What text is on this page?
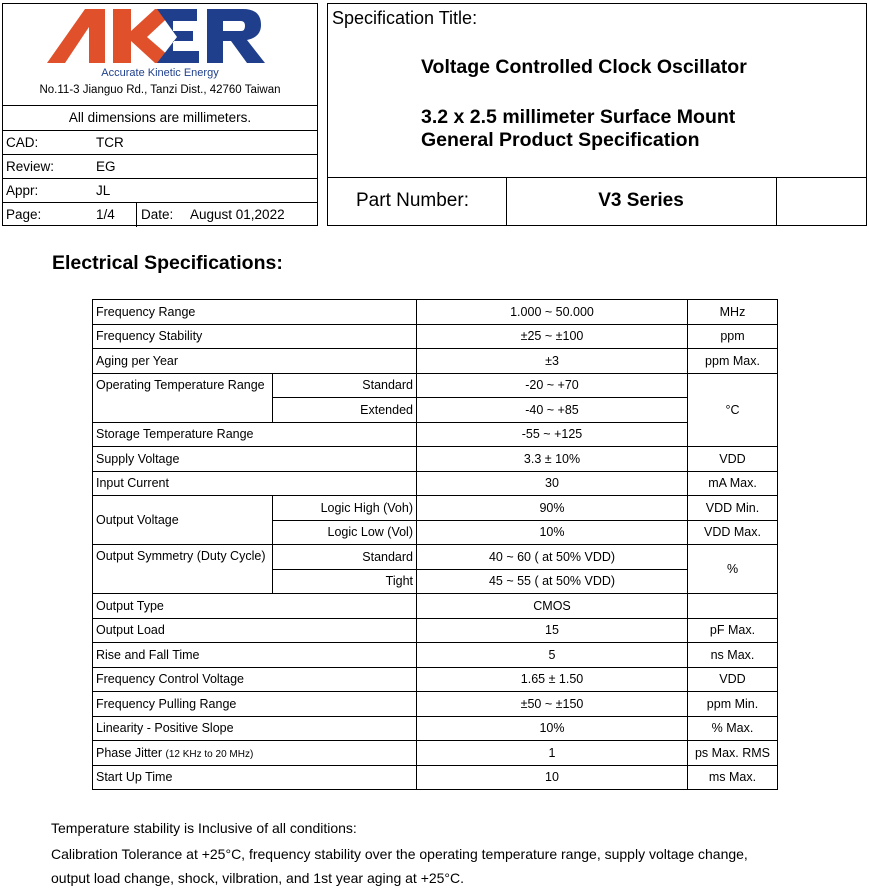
Accurate Kinetic Energy
No.11-3 Jianguo Rd., Tanzi Dist., 42760 Taiwan
All dimensions are millimeters.
CAD:	TCR
Review:	EG
Appr:	JL
Page:	1/4 Date: August 01,2022
Specification Title:
Voltage Controlled Clock Oscillator
3.2 x 2.5 millimeter Surface Mount
General Product Specification
Part Number:	V3 Series
Electrical Specifications:
Frequency Range		1.000 ~ 50.000	MHz
Frequency Stability		±25 ~ ±100	ppm
Aging per Year		±3	ppm Max.
Operating Temperature Range	Standard	-20 ~ +70	°C
	Extended	-40 ~ +85	
Storage Temperature Range		-55 ~ +125	
Supply Voltage		3.3 ± 10%	VDD
Input Current		30	mA Max.
Output Voltage	Logic High (Voh)	90%	VDD Min.
	Logic Low (Vol)	10%	VDD Max.
Output Symmetry (Duty Cycle)	Standard	40 ~ 60 ( at 50% VDD)	%
	Tight	45 ~ 55 ( at 50% VDD)	
Output Type		CMOS	
Output Load		15	pF Max.
Rise and Fall Time		5	ns Max.
Frequency Control Voltage		1.65 ± 1.50	VDD
Frequency Pulling Range		±50 ~ ±150	ppm Min.
Linearity - Positive Slope		10%	% Max.
Phase Jitter (12 KHz to 20 MHz)		1	ps Max. RMS
Start Up Time		10	ms Max.
Temperature stability is Inclusive of all conditions:
Calibration Tolerance at +25°C, frequency stability over the operating temperature range, supply voltage change,
output load change, shock, vilbration, and 1st year aging at +25°C.
